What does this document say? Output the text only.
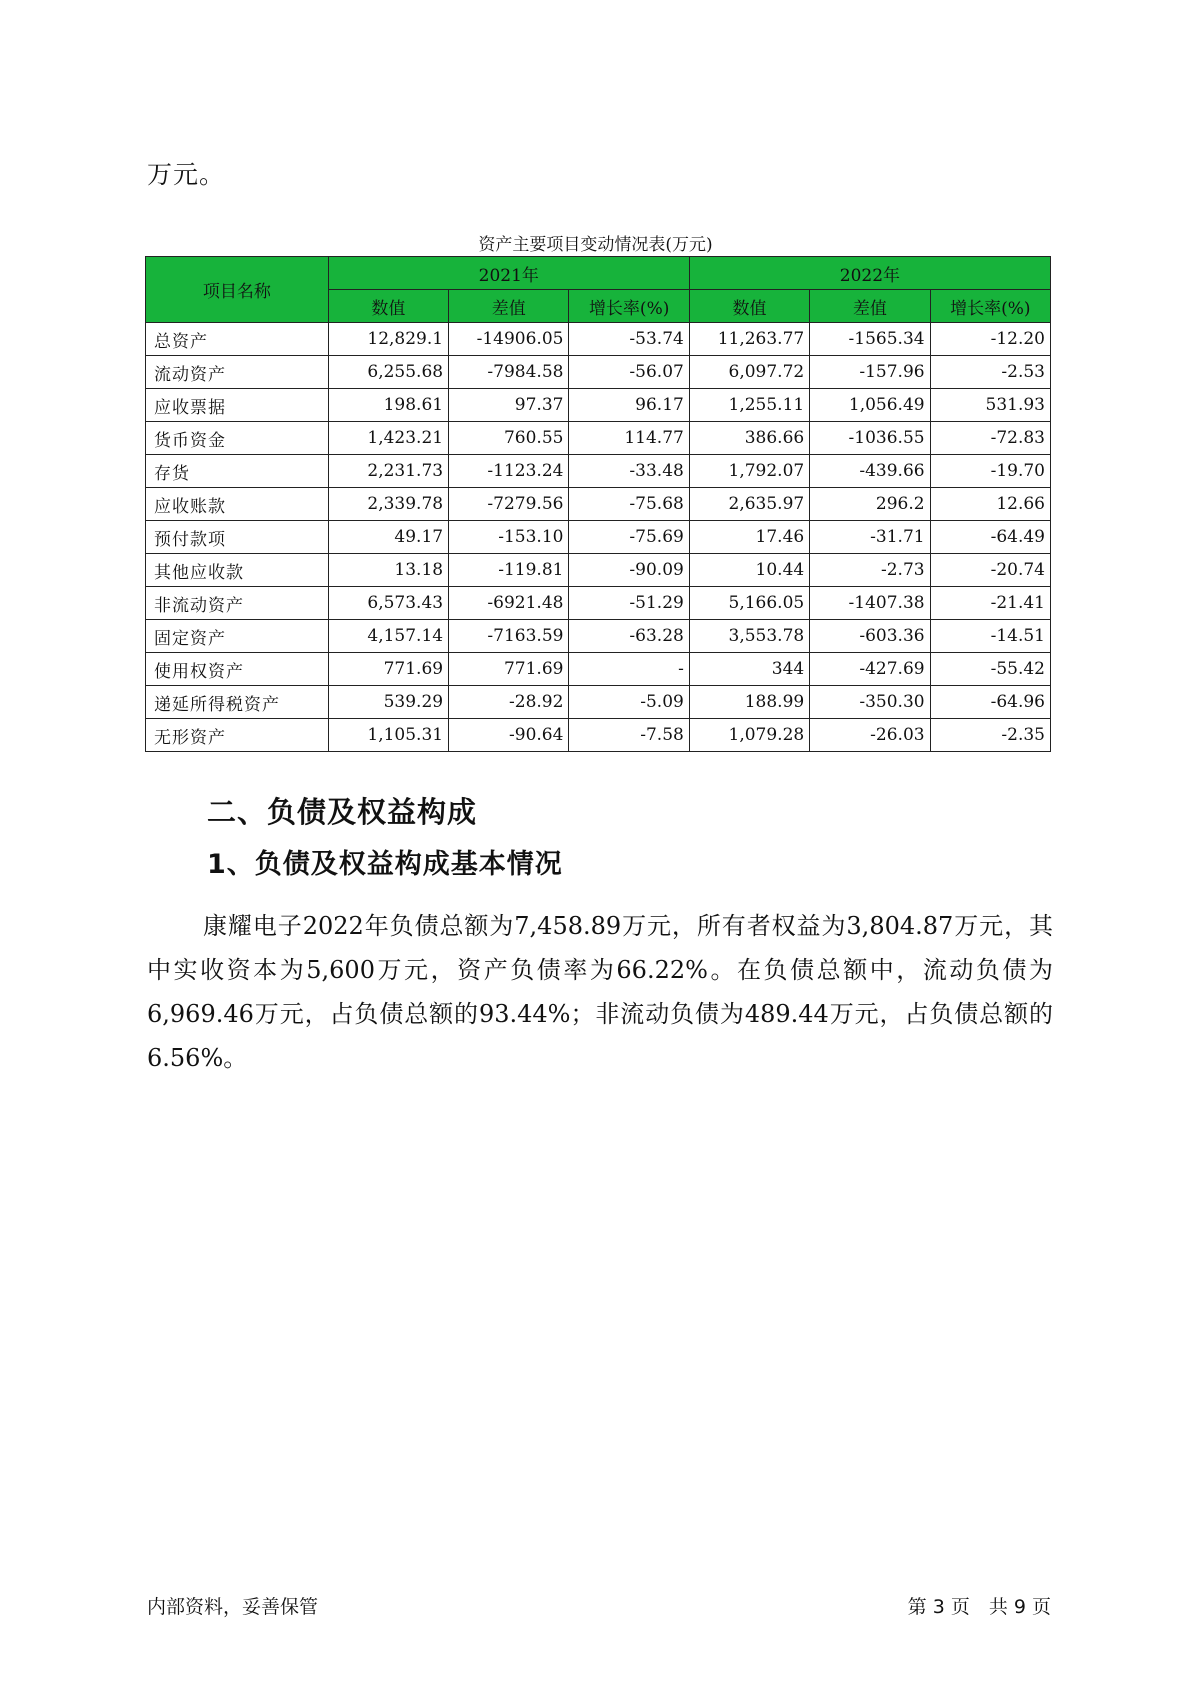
万元。
资产主要项目变动情况表(万元)
项目名称	2021年			2022年		
	数值	差值	增长率(%)	数值	差值	增长率(%)
总资产	12,829.1	-14906.05	-53.74	11,263.77	-1565.34	-12.20
流动资产	6,255.68	-7984.58	-56.07	6,097.72	-157.96	-2.53
应收票据	198.61	97.37	96.17	1,255.11	1,056.49	531.93
货币资金	1,423.21	760.55	114.77	386.66	-1036.55	-72.83
存货	2,231.73	-1123.24	-33.48	1,792.07	-439.66	-19.70
应收账款	2,339.78	-7279.56	-75.68	2,635.97	296.2	12.66
预付款项	49.17	-153.10	-75.69	17.46	-31.71	-64.49
其他应收款	13.18	-119.81	-90.09	10.44	-2.73	-20.74
非流动资产	6,573.43	-6921.48	-51.29	5,166.05	-1407.38	-21.41
固定资产	4,157.14	-7163.59	-63.28	3,553.78	-603.36	-14.51
使用权资产	771.69	771.69	-	344	-427.69	-55.42
递延所得税资产	539.29	-28.92	-5.09	188.99	-350.30	-64.96
无形资产	1,105.31	-90.64	-7.58	1,079.28	-26.03	-2.35
二、负债及权益构成
1、负债及权益构成基本情况

康耀电子2022年负债总额为7,458.89万元，所有者权益为3,804.87万元，其中实收资本为5,600万元，资产负债率为66.22%。在负债总额中，流动负债为6,969.46万元，占负债总额的93.44%；非流动负债为489.44万元，占负债总额的6.56%。

内部资料，妥善保管	第 3 页　共 9 页
